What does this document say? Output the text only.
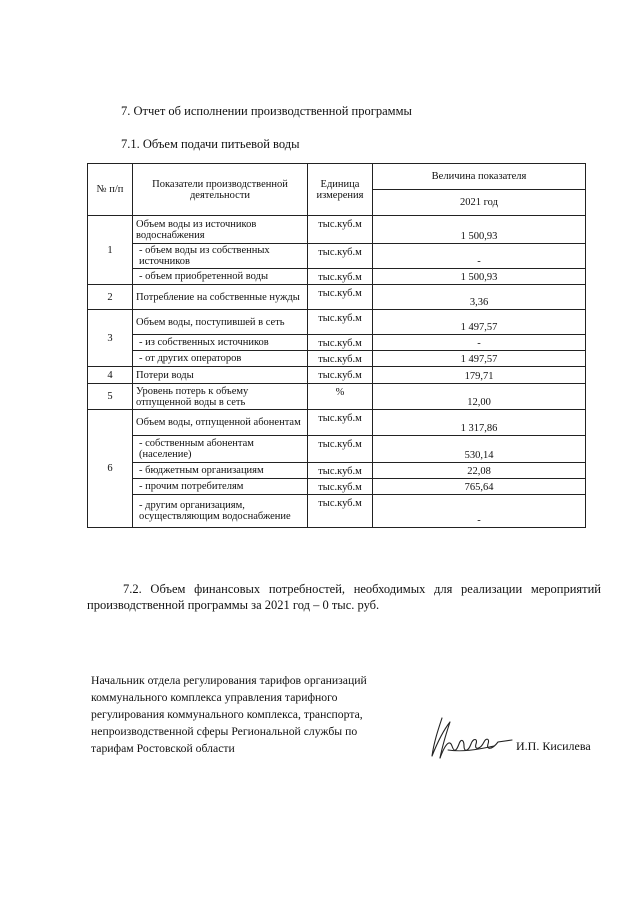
7. Отчет об исполнении производственной программы
7.1. Объем подачи питьевой воды
№ п/п	Показатели производственной деятельности	Единица измерения	Величина показателя
			2021 год
1	Объем воды из источников водоснабжения	тыс.куб.м	1 500,93
	- объем воды из собственных источников	тыс.куб.м	-
	- объем приобретенной воды	тыс.куб.м	1 500,93
2	Потребление на собственные нужды	тыс.куб.м	3,36
3	Объем воды, поступившей в сеть	тыс.куб.м	1 497,57
	- из собственных источников	тыс.куб.м	-
	- от других операторов	тыс.куб.м	1 497,57
4	Потери воды	тыс.куб.м	179,71
5	Уровень потерь к объему отпущенной воды в сеть	%	12,00
6	Объем воды, отпущенной абонентам	тыс.куб.м	1 317,86
	- собственным абонентам (население)	тыс.куб.м	530,14
	- бюджетным организациям	тыс.куб.м	22,08
	- прочим потребителям	тыс.куб.м	765,64
	- другим организациям, осуществляющим водоснабжение	тыс.куб.м	-
7.2. Объем финансовых потребностей, необходимых для реализации мероприятий производственной программы за 2021 год – 0 тыс. руб.
Начальник отдела регулирования тарифов организаций
коммунального комплекса управления тарифного
регулирования коммунального комплекса, транспорта,
непроизводственной сферы Региональной службы по
тарифам Ростовской области	И.П. Кисилева
